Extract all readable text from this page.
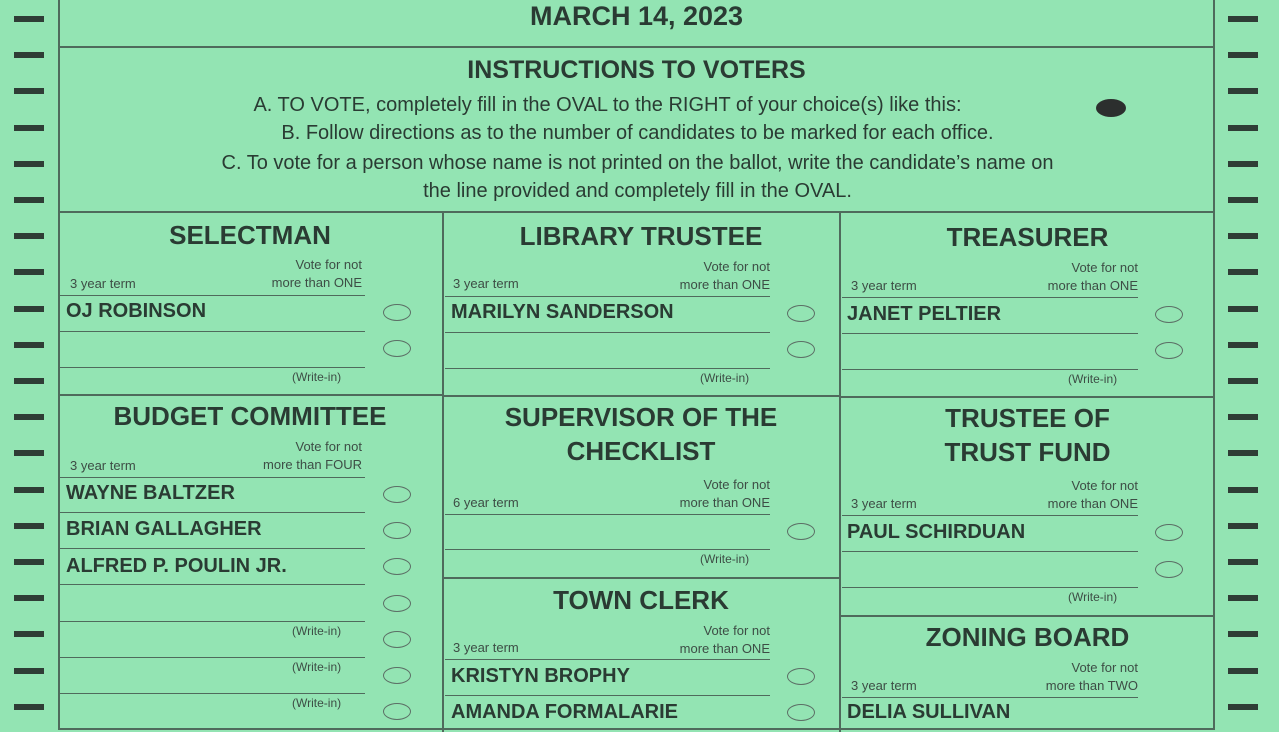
MARCH 14, 2023
INSTRUCTIONS TO VOTERS
A. TO VOTE, completely fill in the OVAL to the RIGHT of your choice(s) like this:
B. Follow directions as to the number of candidates to be marked for each office.
C. To vote for a person whose name is not printed on the ballot, write the candidate’s name on
the line provided and completely fill in the OVAL.
SELECTMAN
3 year term
Vote for not
more than ONE
OJ ROBINSON
(Write-in)
BUDGET COMMITTEE
3 year term
Vote for not
more than FOUR
WAYNE BALTZER
BRIAN GALLAGHER
ALFRED P. POULIN JR.
(Write-in)
(Write-in)
(Write-in)
LIBRARY TRUSTEE
3 year term
Vote for not
more than ONE
MARILYN SANDERSON
(Write-in)
SUPERVISOR OF THE
CHECKLIST
6 year term
Vote for not
more than ONE
(Write-in)
TOWN CLERK
3 year term
Vote for not
more than ONE
KRISTYN BROPHY
AMANDA FORMALARIE
TREASURER
3 year term
Vote for not
more than ONE
JANET PELTIER
(Write-in)
TRUSTEE OF
TRUST FUND
3 year term
Vote for not
more than ONE
PAUL SCHIRDUAN
(Write-in)
ZONING BOARD
3 year term
Vote for not
more than TWO
DELIA SULLIVAN
